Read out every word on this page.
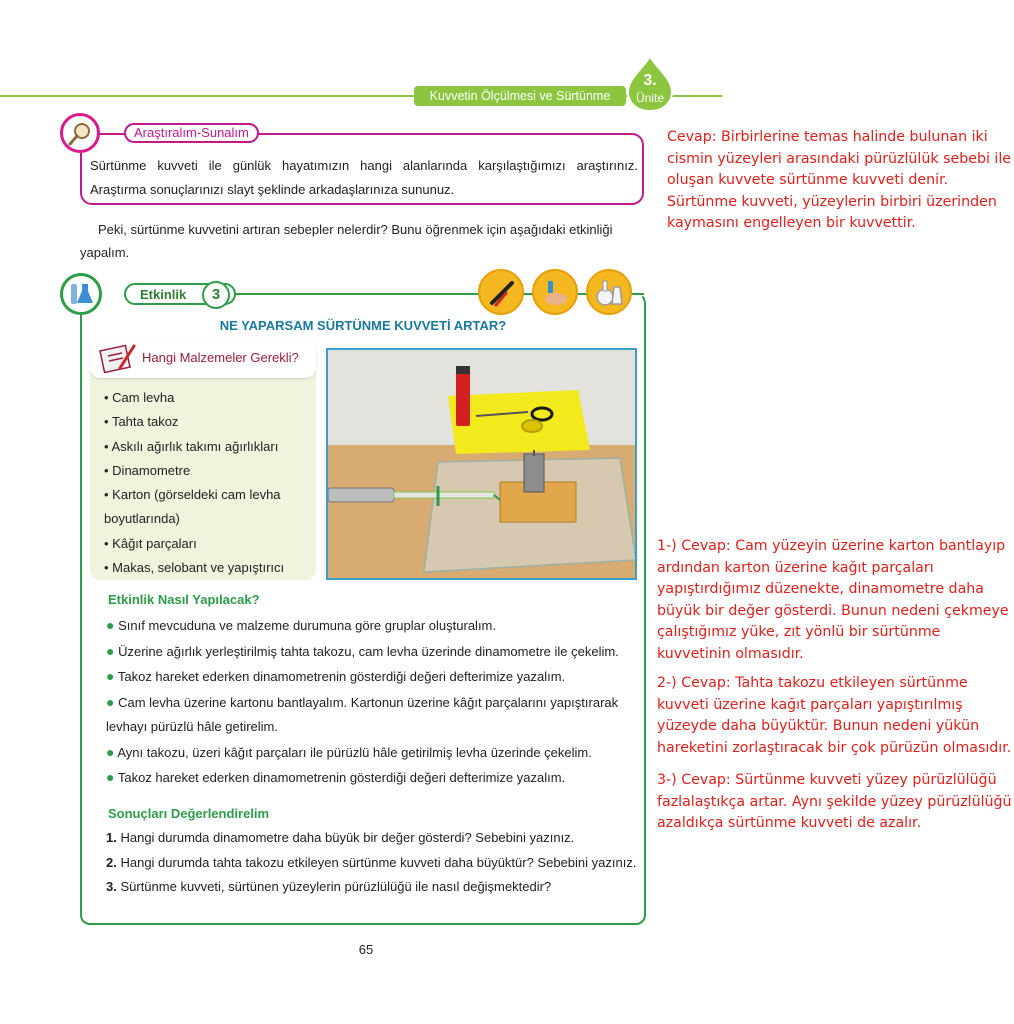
Kuvvetin Ölçülmesi ve Sürtünme
3.
Ünite
Araştıralım-Sunalım
Sürtünme kuvveti ile günlük hayatımızın hangi alanlarında karşılaştığımızı araştırınız. Araştırma sonuçlarınızı slayt şeklinde arkadaşlarınıza sununuz.
Peki, sürtünme kuvvetini artıran sebepler nelerdir? Bunu öğrenmek için aşağıdaki etkinliği yapalım.
Etkinlik	3
NE YAPARSAM SÜRTÜNME KUVVETİ ARTAR?
Hangi Malzemeler Gerekli?
• Cam levha
• Tahta takoz
• Askılı ağırlık takımı ağırlıkları
• Dinamometre
• Karton (görseldeki cam levha boyutlarında)
• Kâğıt parçaları
• Makas, selobant ve yapıştırıcı
Etkinlik Nasıl Yapılacak?
● Sınıf mevcuduna ve malzeme durumuna göre gruplar oluşturalım.
● Üzerine ağırlık yerleştirilmiş tahta takozu, cam levha üzerinde dinamometre ile çekelim.
● Takoz hareket ederken dinamometrenin gösterdiği değeri defterimize yazalım.
● Cam levha üzerine kartonu bantlayalım. Kartonun üzerine kâğıt parçalarını yapıştırarak levhayı pürüzlü hâle getirelim.
● Aynı takozu, üzeri kâğıt parçaları ile pürüzlü hâle getirilmiş levha üzerinde çekelim.
● Takoz hareket ederken dinamometrenin gösterdiği değeri defterimize yazalım.
Sonuçları Değerlendirelim
1. Hangi durumda dinamometre daha büyük bir değer gösterdi? Sebebini yazınız.
2. Hangi durumda tahta takozu etkileyen sürtünme kuvveti daha büyüktür? Sebebini yazınız.
3. Sürtünme kuvveti, sürtünen yüzeylerin pürüzlülüğü ile nasıl değişmektedir?
65
Cevap: Birbirlerine temas halinde bulunan iki cismin yüzeyleri arasındaki pürüzlülük sebebi ile oluşan kuvvete sürtünme kuvveti denir. Sürtünme kuvveti, yüzeylerin birbiri üzerinden kaymasını engelleyen bir kuvvettir.
1-) Cevap: Cam yüzeyin üzerine karton bantlayıp ardından karton üzerine kağıt parçaları yapıştırdığımız düzenekte, dinamometre daha büyük bir değer gösterdi. Bunun nedeni çekmeye çalıştığımız yüke, zıt yönlü bir sürtünme kuvvetinin olmasıdır.
2-) Cevap: Tahta takozu etkileyen sürtünme kuvveti üzerine kağıt parçaları yapıştırılmış yüzeyde daha büyüktür. Bunun nedeni yükün hareketini zorlaştıracak bir çok pürüzün olmasıdır.
3-) Cevap: Sürtünme kuvveti yüzey pürüzlülüğü fazlalaştıkça artar. Aynı şekilde yüzey pürüzlülüğü azaldıkça sürtünme kuvveti de azalır.
